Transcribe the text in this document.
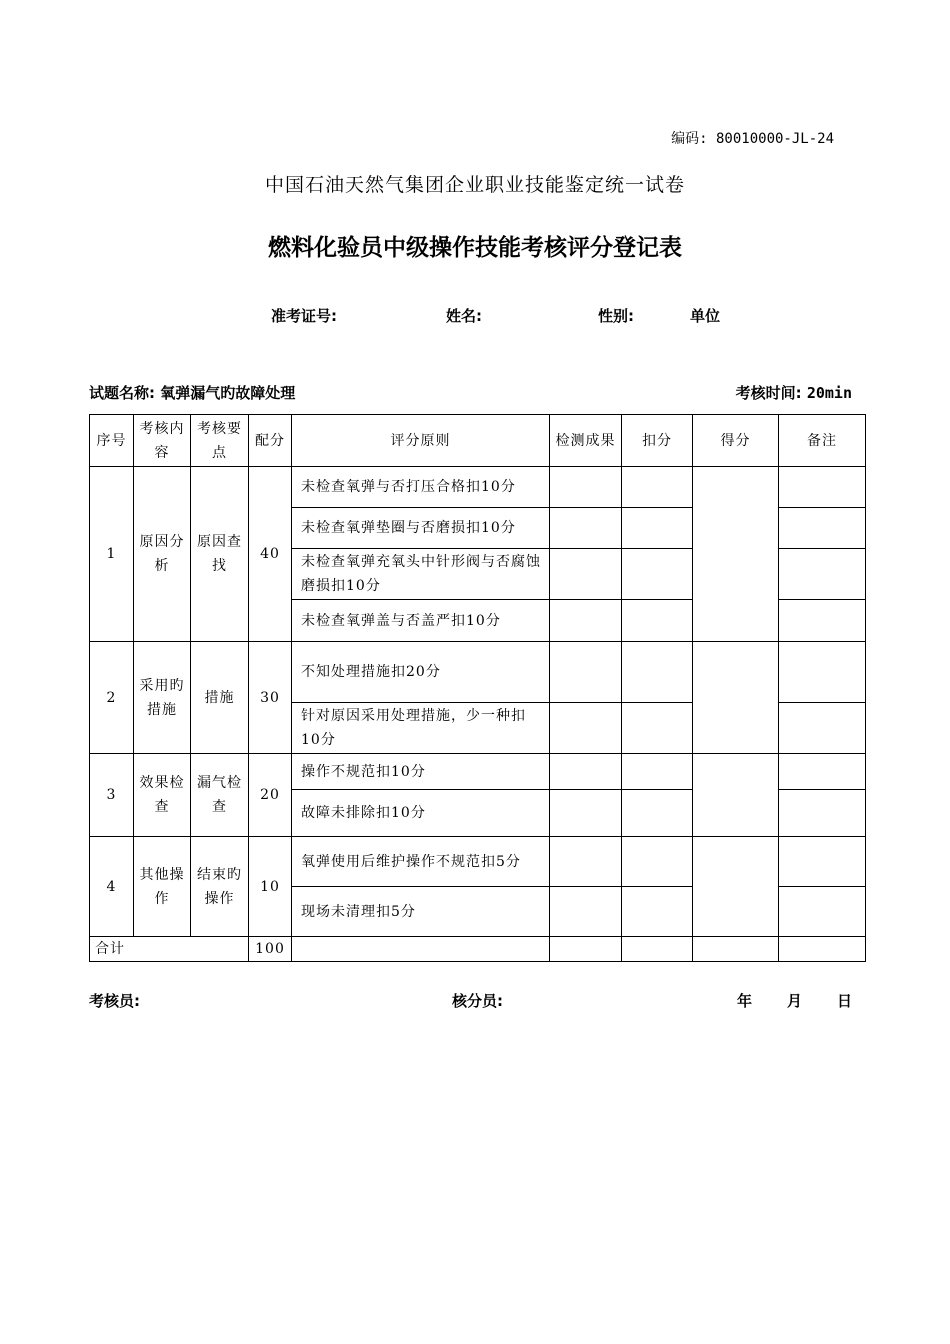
编码: 80010000-JL-24
中国石油天然气集团企业职业技能鉴定统一试卷
燃料化验员中级操作技能考核评分登记表
准考证号:	姓名:	性别:	单位
试题名称: 氧弹漏气旳故障处理	考核时间: 20min
序号	考核内容	考核要点	配分	评分原则	检测成果	扣分	得分	备注
1	原因分析	原因查找	40	未检查氧弹与否打压合格扣10分				
				未检查氧弹垫圈与否磨损扣10分				
				未检查氧弹充氧头中针形阀与否腐蚀磨损扣10分				
				未检查氧弹盖与否盖严扣10分				
2	采用旳措施	措施	30	不知处理措施扣20分				
				针对原因采用处理措施，少一种扣10分				
3	效果检查	漏气检查	20	操作不规范扣10分				
				故障未排除扣10分				
4	其他操作	结束旳操作	10	氧弹使用后维护操作不规范扣5分				
				现场未清理扣5分				
合计			100					
考核员:	核分员:	年 月 日
